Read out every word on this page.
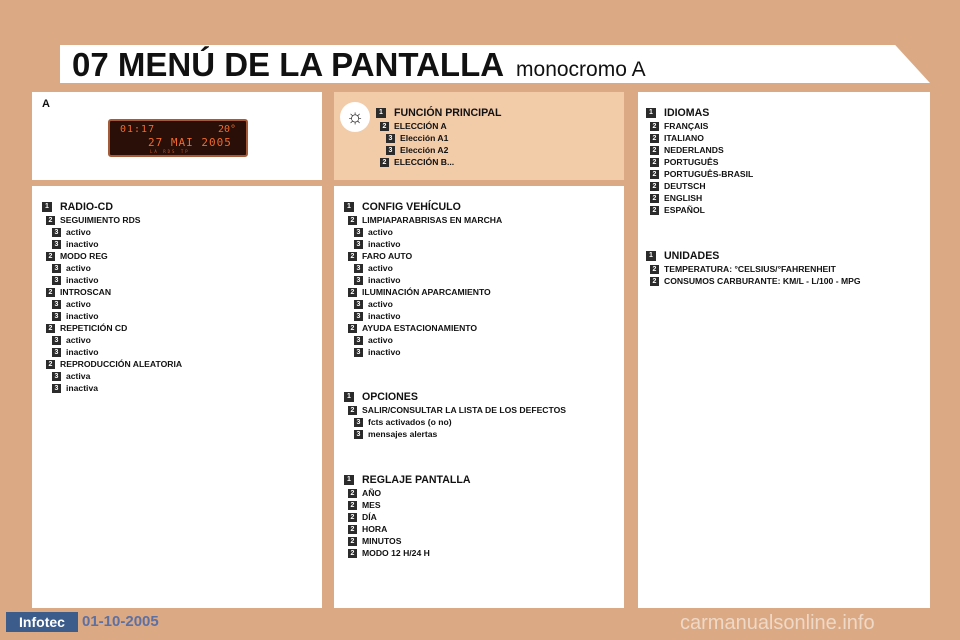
07 MENÚ DE LA PANTALLA monocromo A
A
01:17	20°
27 MAI 2005
LA RDS TP
1 RADIO-CD
2 SEGUIMIENTO RDS
3 activo
3 inactivo
2 MODO REG
3 activo
3 inactivo
2 INTROSCAN
3 activo
3 inactivo
2 REPETICIÓN CD
3 activo
3 inactivo
2 REPRODUCCIÓN ALEATORIA
3 activa
3 inactiva
☼	1 FUNCIÓN PRINCIPAL
2 ELECCIÓN A
3 Elección A1
3 Elección A2
2 ELECCIÓN B...
1 CONFIG VEHÍCULO
2 LIMPIAPARABRISAS EN MARCHA
3 activo
3 inactivo
2 FARO AUTO
3 activo
3 inactivo
2 ILUMINACIÓN APARCAMIENTO
3 activo
3 inactivo
2 AYUDA ESTACIONAMIENTO
3 activo
3 inactivo
1 OPCIONES
2 SALIR/CONSULTAR LA LISTA DE LOS DEFECTOS
3 fcts activados (o no)
3 mensajes alertas
1 REGLAJE PANTALLA
2 AÑO
2 MES
2 DÍA
2 HORA
2 MINUTOS
2 MODO 12 H/24 H
1 IDIOMAS
2 FRANÇAIS
2 ITALIANO
2 NEDERLANDS
2 PORTUGUÊS
2 PORTUGUÊS-BRASIL
2 DEUTSCH
2 ENGLISH
2 ESPAÑOL
1 UNIDADES
2 TEMPERATURA: °CELSIUS/°FAHRENHEIT
2 CONSUMOS CARBURANTE: KM/L - L/100 - MPG
Infotec	01-10-2005	carmanualsonline.info
